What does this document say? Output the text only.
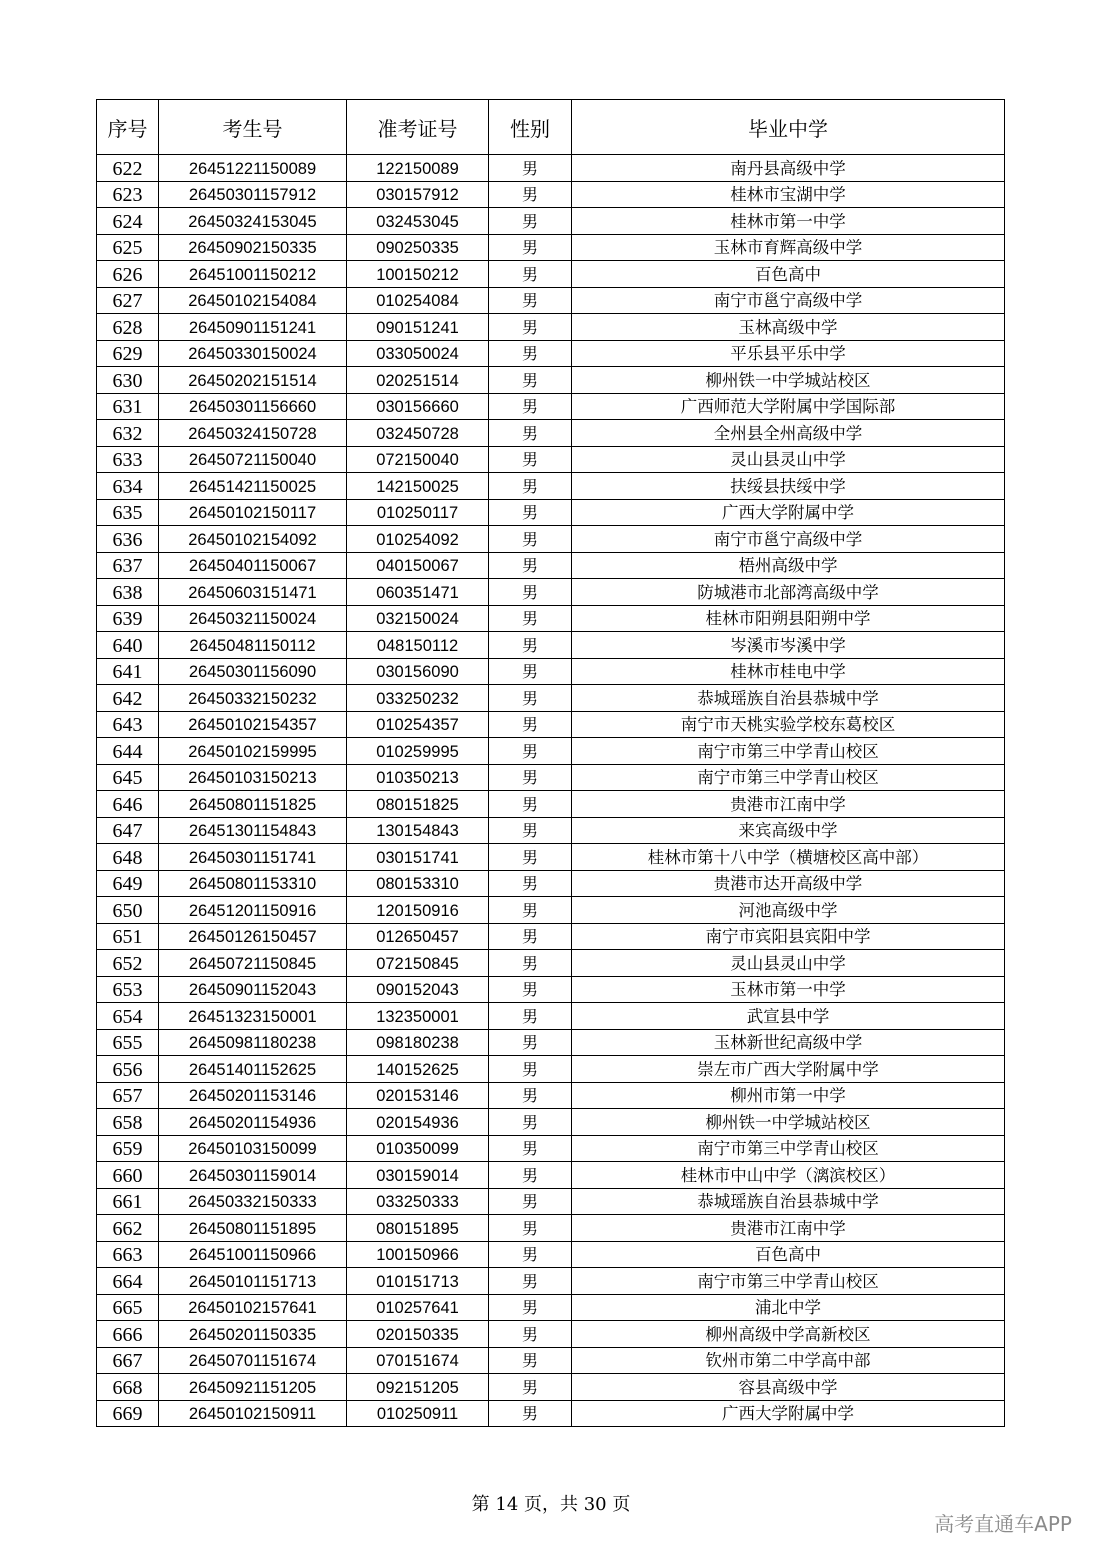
序号	考生号	准考证号	性别	毕业中学
622	26451221150089	122150089	男	南丹县高级中学
623	26450301157912	030157912	男	桂林市宝湖中学
624	26450324153045	032453045	男	桂林市第一中学
625	26450902150335	090250335	男	玉林市育辉高级中学
626	26451001150212	100150212	男	百色高中
627	26450102154084	010254084	男	南宁市邕宁高级中学
628	26450901151241	090151241	男	玉林高级中学
629	26450330150024	033050024	男	平乐县平乐中学
630	26450202151514	020251514	男	柳州铁一中学城站校区
631	26450301156660	030156660	男	广西师范大学附属中学国际部
632	26450324150728	032450728	男	全州县全州高级中学
633	26450721150040	072150040	男	灵山县灵山中学
634	26451421150025	142150025	男	扶绥县扶绥中学
635	26450102150117	010250117	男	广西大学附属中学
636	26450102154092	010254092	男	南宁市邕宁高级中学
637	26450401150067	040150067	男	梧州高级中学
638	26450603151471	060351471	男	防城港市北部湾高级中学
639	26450321150024	032150024	男	桂林市阳朔县阳朔中学
640	26450481150112	048150112	男	岑溪市岑溪中学
641	26450301156090	030156090	男	桂林市桂电中学
642	26450332150232	033250232	男	恭城瑶族自治县恭城中学
643	26450102154357	010254357	男	南宁市天桃实验学校东葛校区
644	26450102159995	010259995	男	南宁市第三中学青山校区
645	26450103150213	010350213	男	南宁市第三中学青山校区
646	26450801151825	080151825	男	贵港市江南中学
647	26451301154843	130154843	男	来宾高级中学
648	26450301151741	030151741	男	桂林市第十八中学（横塘校区高中部）
649	26450801153310	080153310	男	贵港市达开高级中学
650	26451201150916	120150916	男	河池高级中学
651	26450126150457	012650457	男	南宁市宾阳县宾阳中学
652	26450721150845	072150845	男	灵山县灵山中学
653	26450901152043	090152043	男	玉林市第一中学
654	26451323150001	132350001	男	武宣县中学
655	26450981180238	098180238	男	玉林新世纪高级中学
656	26451401152625	140152625	男	崇左市广西大学附属中学
657	26450201153146	020153146	男	柳州市第一中学
658	26450201154936	020154936	男	柳州铁一中学城站校区
659	26450103150099	010350099	男	南宁市第三中学青山校区
660	26450301159014	030159014	男	桂林市中山中学（漓滨校区）
661	26450332150333	033250333	男	恭城瑶族自治县恭城中学
662	26450801151895	080151895	男	贵港市江南中学
663	26451001150966	100150966	男	百色高中
664	26450101151713	010151713	男	南宁市第三中学青山校区
665	26450102157641	010257641	男	浦北中学
666	26450201150335	020150335	男	柳州高级中学高新校区
667	26450701151674	070151674	男	钦州市第二中学高中部
668	26450921151205	092151205	男	容县高级中学
669	26450102150911	010250911	男	广西大学附属中学
第 14 页，共 30 页
高考直通车APP
